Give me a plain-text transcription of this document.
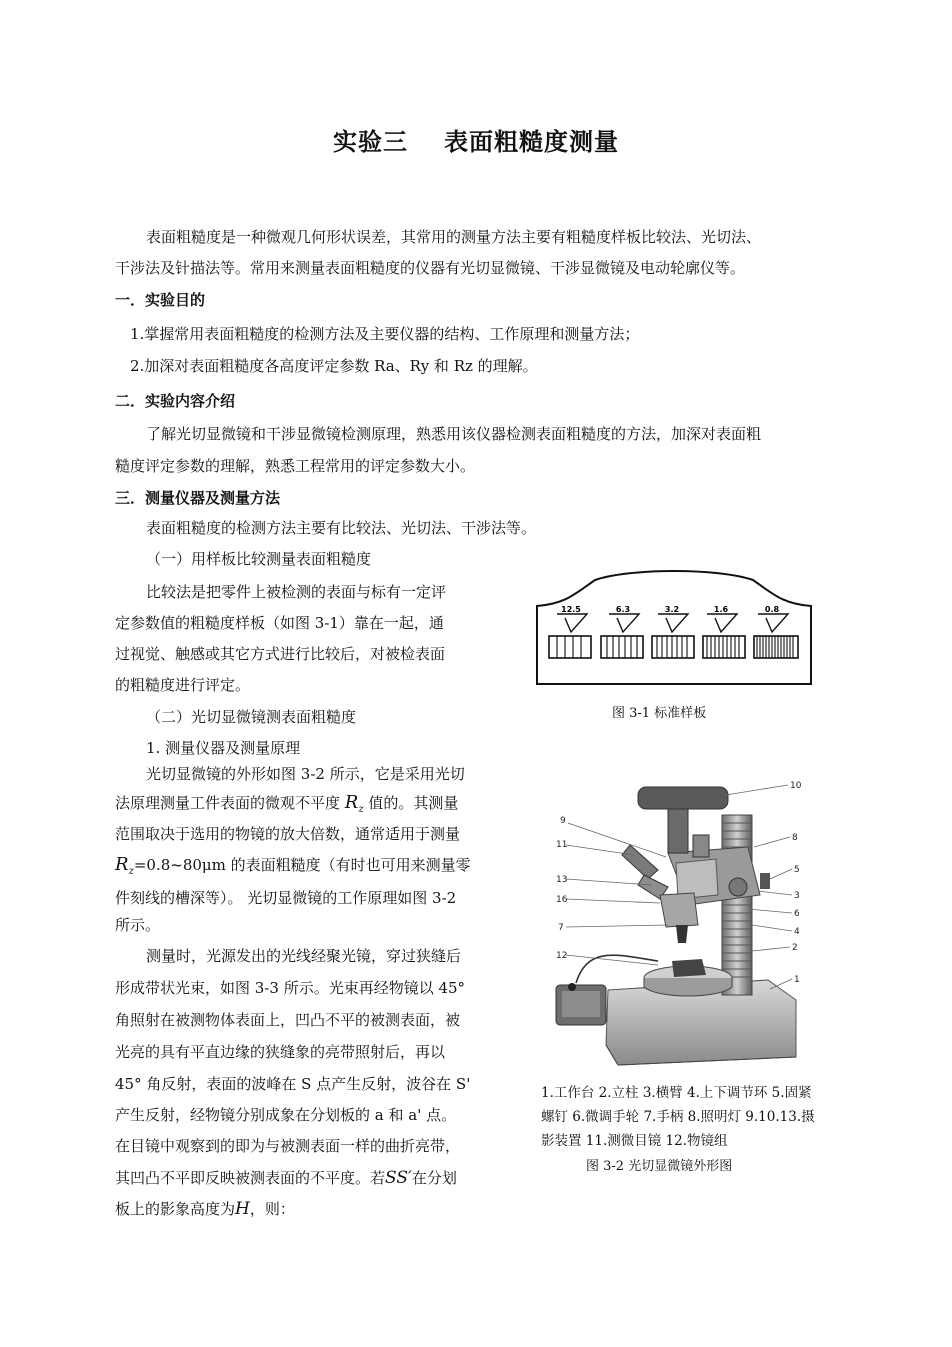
实验三 表面粗糙度测量
表面粗糙度是一种微观几何形状误差，其常用的测量方法主要有粗糙度样板比较法、光切法、
干涉法及针描法等。常用来测量表面粗糙度的仪器有光切显微镜、干涉显微镜及电动轮廓仪等。
一．实验目的
1.掌握常用表面粗糙度的检测方法及主要仪器的结构、工作原理和测量方法；
2.加深对表面粗糙度各高度评定参数 Ra、Ry 和 Rz 的理解。
二．实验内容介绍
了解光切显微镜和干涉显微镜检测原理，熟悉用该仪器检测表面粗糙度的方法，加深对表面粗
糙度评定参数的理解，熟悉工程常用的评定参数大小。
三．测量仪器及测量方法
表面粗糙度的检测方法主要有比较法、光切法、干涉法等。
（一）用样板比较测量表面粗糙度
比较法是把零件上被检测的表面与标有一定评
定参数值的粗糙度样板（如图 3-1）靠在一起，通
过视觉、触感或其它方式进行比较后，对被检表面
的粗糙度进行评定。
（二）光切显微镜测表面粗糙度
1. 测量仪器及测量原理
光切显微镜的外形如图 3-2 所示，它是采用光切
法原理测量工件表面的微观不平度 $R_z$ 值的。其测量
范围取决于选用的物镜的放大倍数，通常适用于测量
$R_z=0.8\sim 80\mu m$ 的表面粗糙度（有时也可用来测量零
件刻线的槽深等）。 光切显微镜的工作原理如图 3-2
所示。
测量时，光源发出的光线经聚光镜，穿过狭缝后
形成带状光束，如图 3-3 所示。光束再经物镜以 45°
角照射在被测物体表面上，凹凸不平的被测表面，被
光亮的具有平直边缘的狭缝象的亮带照射后，再以
45° 角反射，表面的波峰在 S 点产生反射，波谷在 S'
产生反射，经物镜分别成象在分划板的 a 和 a' 点。
在目镜中观察到的即为与被测表面一样的曲折亮带，
其凹凸不平即反映被测表面的不平度。若SS′在分划
板上的影象高度为H，则：
12.5	6.3	3.2	1.6	0.8
图 3-1 标准样板
10
9
8
11
5
13
3
16
6
7	4
2
12
1
1.工作台 2.立柱 3.横臂 4.上下调节环 5.固紧
螺钉 6.微调手轮 7.手柄 8.照明灯 9.10.13.摄
影装置 11.测微目镜 12.物镜组
图 3-2 光切显微镜外形图
